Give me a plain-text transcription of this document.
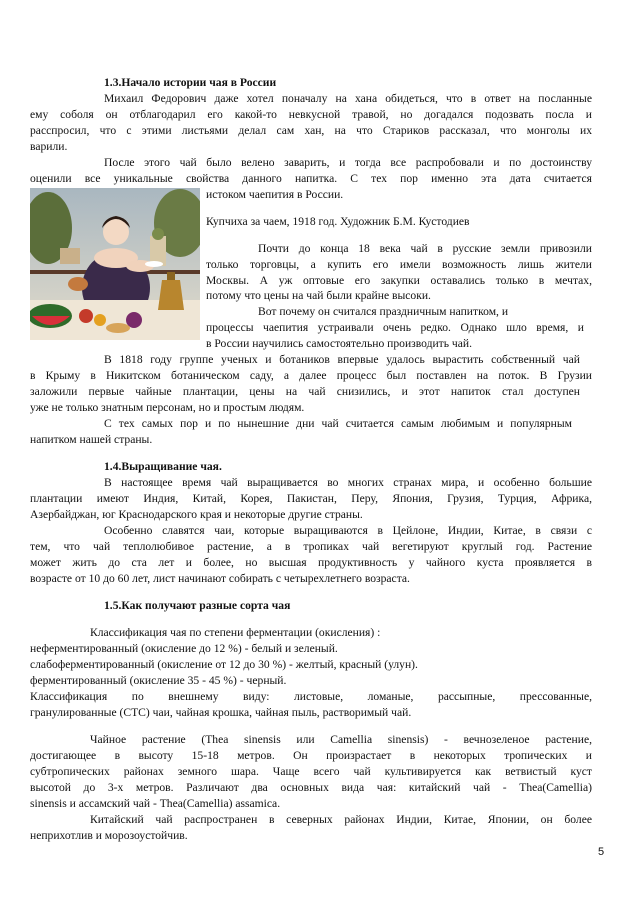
1.3.Начало истории чая в России
Михаил Федорович даже хотел поначалу на хана обидеться, что в ответ на посланные
ему соболя он отблагодарил его какой-то невкусной травой, но догадался подозвать посла и
расспросил, что с этими листьями делал сам хан, на что Стариков рассказал, что монголы их
варили.
После этого чай было велено заварить, и тогда все распробовали и по достоинству
оценили все уникальные свойства данного напитка. С тех пор именно эта дата считается
истоком чаепития в России.
Купчиха за чаем, 1918 год. Художник Б.М. Кустодиев
Почти до конца 18 века чай в русские земли привозили
только торговцы, а купить его имели возможность лишь жители
Москвы. А уж оптовые его закупки оставались только в мечтах,
потому что цены на чай были крайне высоки.
Вот почему он считался праздничным напитком, и
процессы чаепития устраивали очень редко. Однако шло время, и
в России научились самостоятельно производить чай.
В 1818 году группе ученых и ботаников впервые удалось вырастить собственный чай
в Крыму в Никитском ботаническом саду, а далее процесс был поставлен на поток. В Грузии
заложили первые чайные плантации, цены на чай снизились, и этот напиток стал доступен
уже не только знатным персонам, но и простым людям.
С тех самых пор и по нынешние дни чай считается самым любимым и популярным
напитком нашей страны.
1.4.Выращивание чая.
В настоящее время чай выращивается во многих странах мира, и особенно большие
плантации имеют Индия, Китай, Корея, Пакистан, Перу, Япония, Грузия, Турция, Африка,
Азербайджан, юг Краснодарского края и некоторые другие страны.
Особенно славятся чаи, которые выращиваются в Цейлоне, Индии, Китае, в связи с
тем, что чай теплолюбивое растение, а в тропиках чай вегетируют круглый год. Растение
может жить до ста лет и более, но высшая продуктивность у чайного куста проявляется в
возрасте от 10 до 60 лет, лист начинают собирать с четырехлетнего возраста.
1.5.Как получают разные сорта чая
Классификация чая по степени ферментации (окисления) :
неферментированный (окисление до 12 %) - белый и зеленый.
слабоферментированный (окисление от 12 до 30 %) - желтый, красный (улун).
ферментированный (окисление 35 - 45 %) - черный.
Классификация по внешнему виду: листовые, ломаные, рассыпные, прессованные,
гранулированные (СТС) чаи, чайная крошка, чайная пыль, растворимый чай.
Чайное растение (Thea sinensis или Camellia sinensis) - вечнозеленое растение,
достигающее в высоту 15-18 метров. Он произрастает в некоторых тропических и
субтропических районах земного шара. Чаще всего чай культивируется как ветвистый куст
высотой до 3-х метров. Различают два основных вида чая: китайский чай - Thea(Camellia)
sinensis и ассамский чай - Thea(Camellia) assamica.
Китайский чай распространен в северных районах Индии, Китае, Японии, он более
неприхотлив и морозоустойчив.
5
